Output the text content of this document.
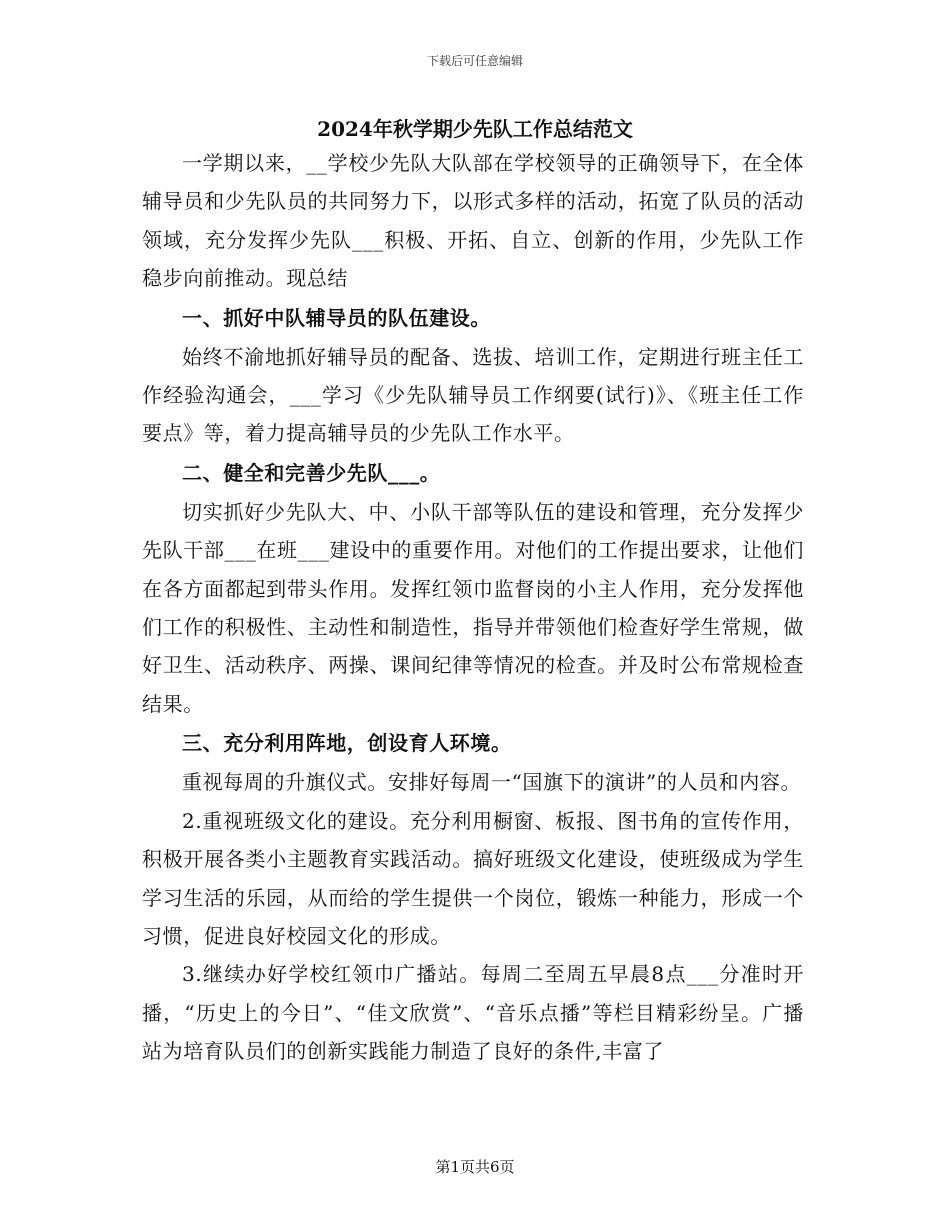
下载后可任意编辑
2024年秋学期少先队工作总结范文

一学期以来，__学校少先队大队部在学校领导的正确领导下，在全体辅导员和少先队员的共同努力下，以形式多样的活动，拓宽了队员的活动领域，充分发挥少先队___积极、开拓、自立、创新的作用，少先队工作稳步向前推动。现总结

一、抓好中队辅导员的队伍建设。

始终不渝地抓好辅导员的配备、选拔、培训工作，定期进行班主任工作经验沟通会，___学习《少先队辅导员工作纲要(试行)》、《班主任工作要点》等，着力提高辅导员的少先队工作水平。

二、健全和完善少先队___。

切实抓好少先队大、中、小队干部等队伍的建设和管理，充分发挥少先队干部___在班___建设中的重要作用。对他们的工作提出要求，让他们在各方面都起到带头作用。发挥红领巾监督岗的小主人作用，充分发挥他们工作的积极性、主动性和制造性，指导并带领他们检查好学生常规，做好卫生、活动秩序、两操、课间纪律等情况的检查。并及时公布常规检查结果。

三、充分利用阵地，创设育人环境。

重视每周的升旗仪式。安排好每周一“国旗下的演讲”的人员和内容。

2.重视班级文化的建设。充分利用橱窗、板报、图书角的宣传作用，积极开展各类小主题教育实践活动。搞好班级文化建设，使班级成为学生学习生活的乐园，从而给的学生提供一个岗位，锻炼一种能力，形成一个习惯，促进良好校园文化的形成。

3.继续办好学校红领巾广播站。每周二至周五早晨8点___分准时开播，“历史上的今日”、“佳文欣赏”、“音乐点播”等栏目精彩纷呈。广播站为培育队员们的创新实践能力制造了良好的条件,丰富了

第1页共6页
